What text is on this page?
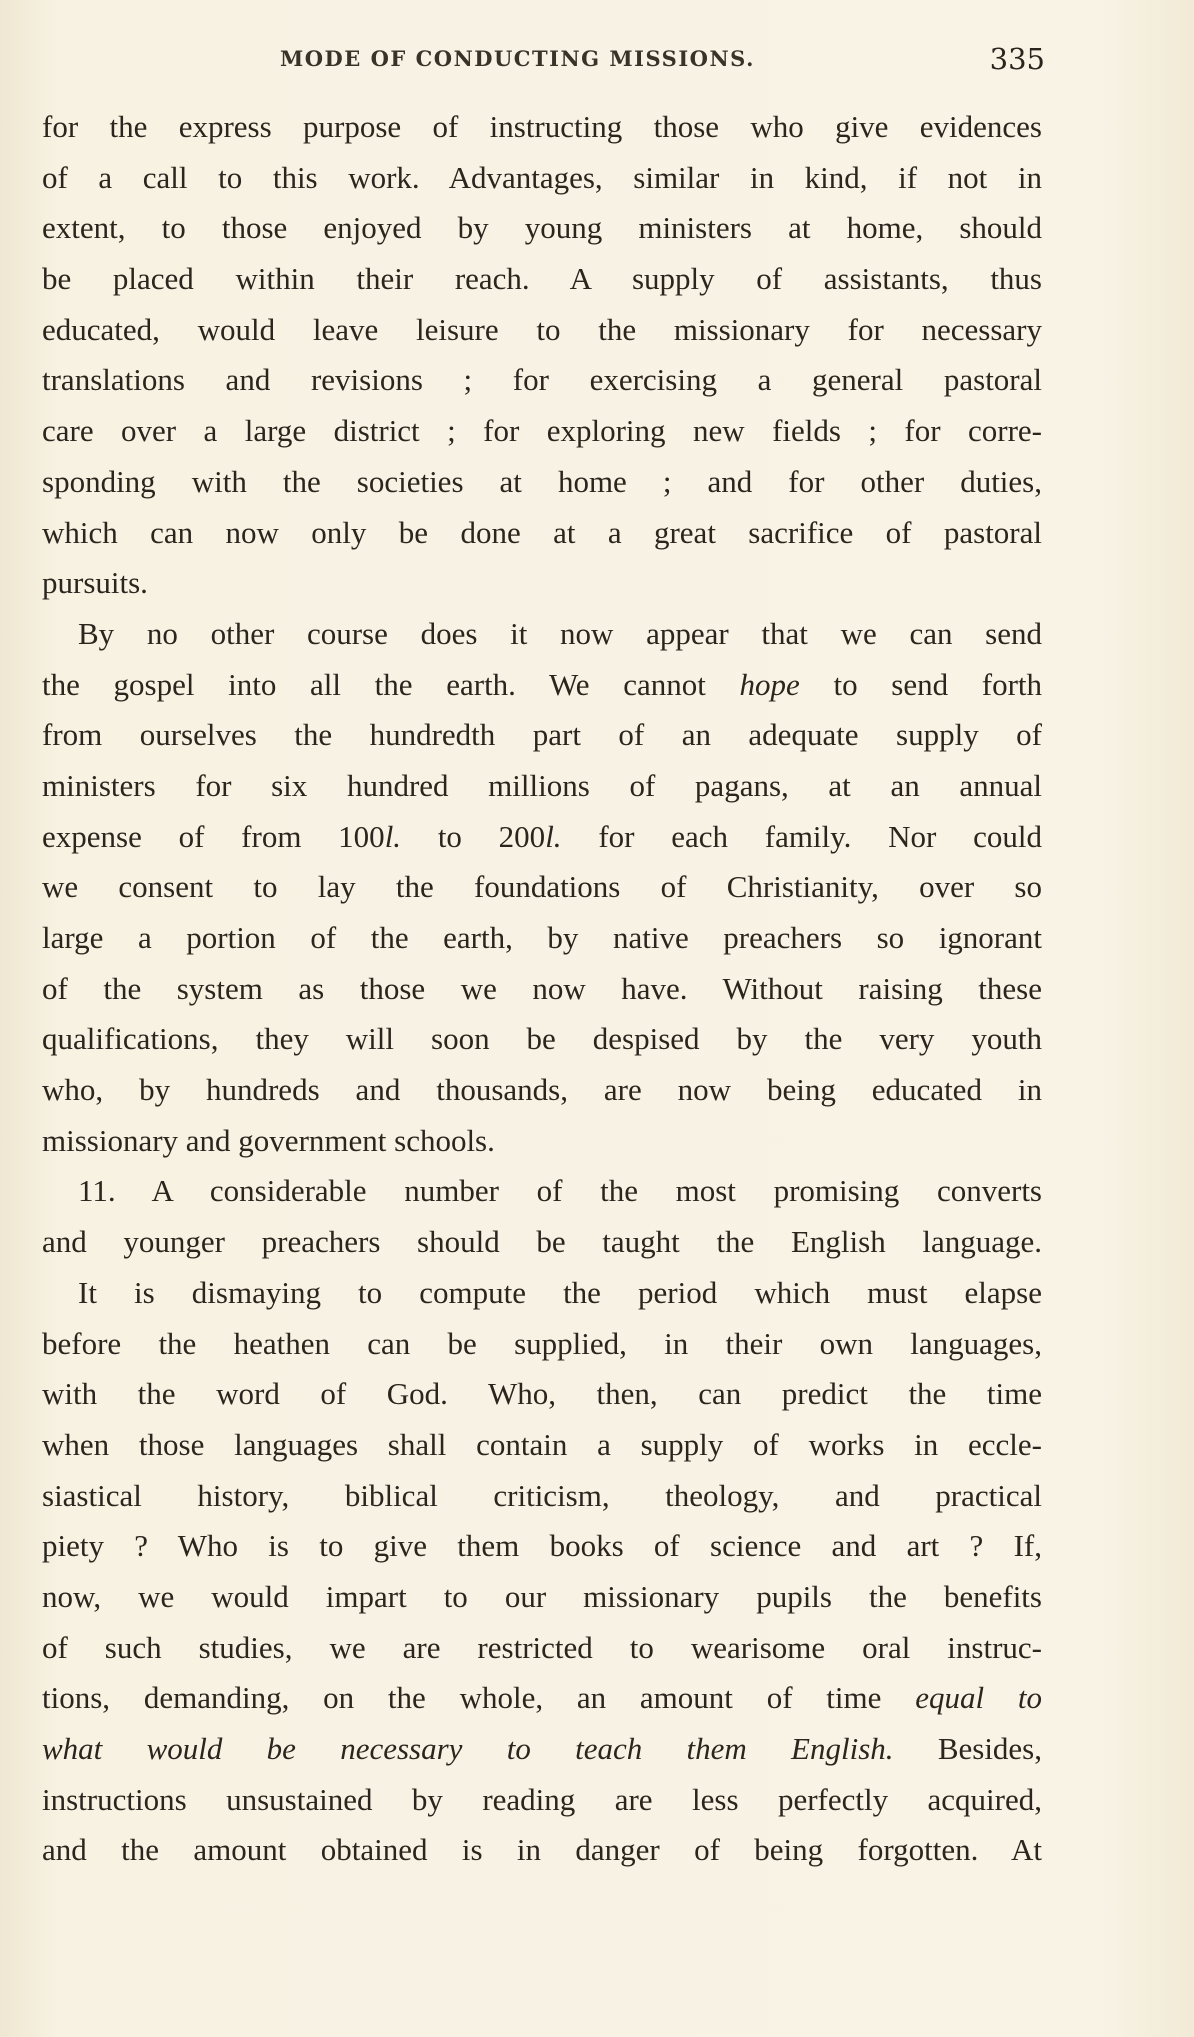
MODE OF CONDUCTING MISSIONS.	335
for the express purpose of instructing those who give evidences
of a call to this work. Advantages, similar in kind, if not in
extent, to those enjoyed by young ministers at home, should
be placed within their reach. A supply of assistants, thus
educated, would leave leisure to the missionary for necessary
translations and revisions ; for exercising a general pastoral
care over a large district ; for exploring new fields ; for corre-
sponding with the societies at home ; and for other duties,
which can now only be done at a great sacrifice of pastoral
pursuits.
By no other course does it now appear that we can send
the gospel into all the earth. We cannot hope to send forth
from ourselves the hundredth part of an adequate supply of
ministers for six hundred millions of pagans, at an annual
expense of from 100l. to 200l. for each family. Nor could
we consent to lay the foundations of Christianity, over so
large a portion of the earth, by native preachers so ignorant
of the system as those we now have. Without raising these
qualifications, they will soon be despised by the very youth
who, by hundreds and thousands, are now being educated in
missionary and government schools.
11. A considerable number of the most promising converts
and younger preachers should be taught the English language.
It is dismaying to compute the period which must elapse
before the heathen can be supplied, in their own languages,
with the word of God. Who, then, can predict the time
when those languages shall contain a supply of works in eccle-
siastical history, biblical criticism, theology, and practical
piety ? Who is to give them books of science and art ? If,
now, we would impart to our missionary pupils the benefits
of such studies, we are restricted to wearisome oral instruc-
tions, demanding, on the whole, an amount of time equal to
what would be necessary to teach them English. Besides,
instructions unsustained by reading are less perfectly acquired,
and the amount obtained is in danger of being forgotten. At
